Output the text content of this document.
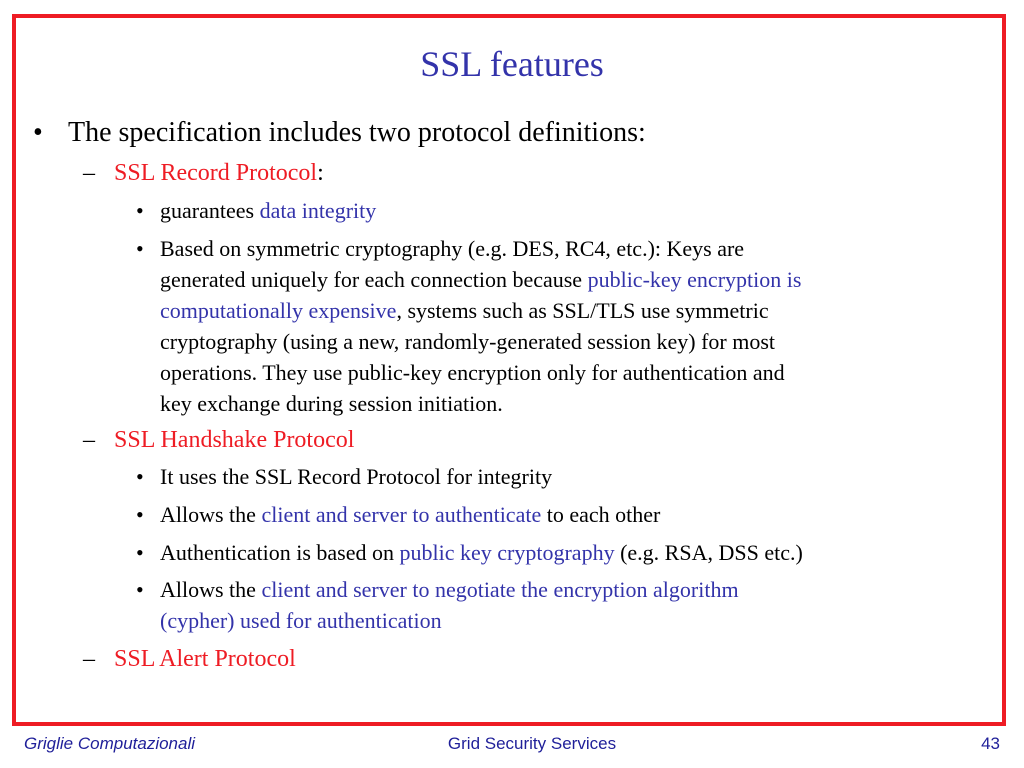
SSL features
• The specification includes two protocol definitions:
– SSL Record Protocol:
• guarantees data integrity
• Based on symmetric cryptography (e.g. DES, RC4, etc.): Keys are
generated uniquely for each connection because public-key encryption is
computationally expensive, systems such as SSL/TLS use symmetric
cryptography (using a new, randomly-generated session key) for most
operations. They use public-key encryption only for authentication and
key exchange during session initiation.
– SSL Handshake Protocol
• It uses the SSL Record Protocol for integrity
• Allows the client and server to authenticate to each other
• Authentication is based on public key cryptography (e.g. RSA, DSS etc.)
• Allows the client and server to negotiate the encryption algorithm
(cypher) used for authentication
– SSL Alert Protocol
Griglie Computazionali	Grid Security Services	43
